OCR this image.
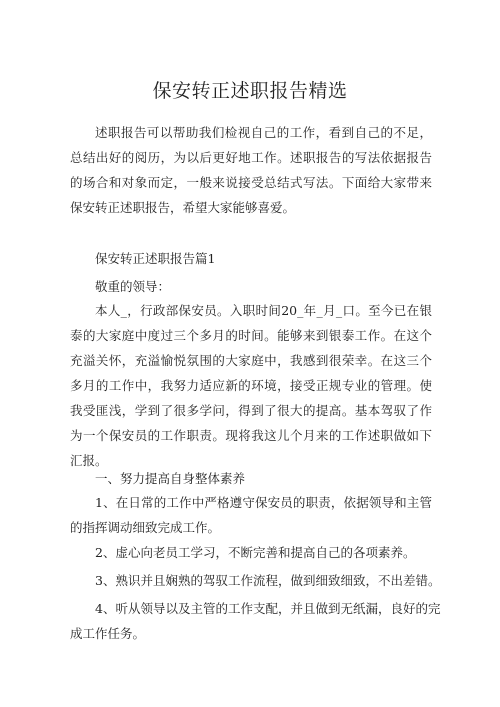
保安转正述职报告精选

述职报告可以帮助我们检视自己的工作，看到自己的不足，总结出好的阅历，为以后更好地工作。述职报告的写法依据报告的场合和对象而定，一般来说接受总结式写法。下面给大家带来保安转正述职报告，希望大家能够喜爱。

保安转正述职报告篇1
敬重的领导：

本人_，行政部保安员。入职时间20_年_月_口。至今已在银泰的大家庭中度过三个多月的时间。能够来到银泰工作。在这个充溢关怀，充溢愉悦氛围的大家庭中，我感到很荣幸。在这三个多月的工作中，我努力适应新的环境，接受正规专业的管理。使我受匪浅，学到了很多学问，得到了很大的提高。基本驾驭了作为一个保安员的工作职责。现将我这儿个月来的工作述职做如下汇报。

一、努力提高自身整体素养

1、在日常的工作中严格遵守保安员的职责，依据领导和主管的指挥调动细致完成工作。

2、虚心向老员工学习，不断完善和提高自己的各项素养。
3、熟识并且娴熟的驾驭工作流程，做到细致细致，不出差错。
4、听从领导以及主管的工作支配，并且做到无纸漏，良好的完
成工作任务。
